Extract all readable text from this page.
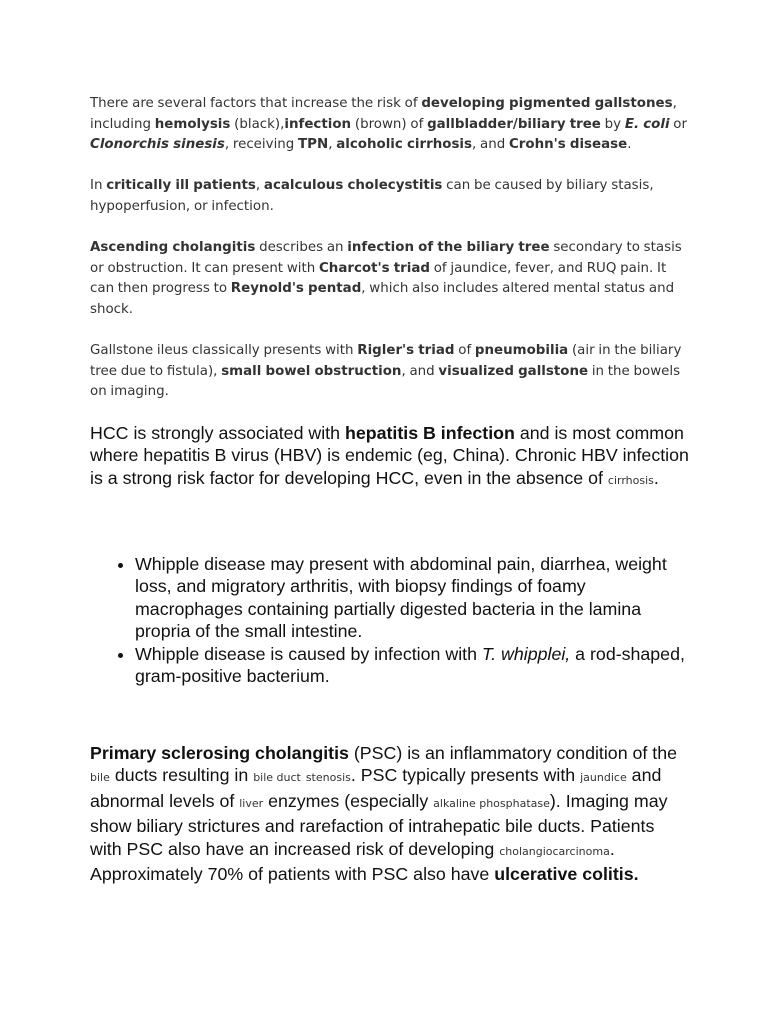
There are several factors that increase the risk of developing pigmented gallstones, including hemolysis (black),infection (brown) of gallbladder/biliary tree by E. coli or Clonorchis sinesis, receiving TPN, alcoholic cirrhosis, and Crohn's disease.

In critically ill patients, acalculous cholecystitis can be caused by biliary stasis, hypoperfusion, or infection.

Ascending cholangitis describes an infection of the biliary tree secondary to stasis or obstruction. It can present with Charcot's triad of jaundice, fever, and RUQ pain. It can then progress to Reynold's pentad, which also includes altered mental status and shock.

Gallstone ileus classically presents with Rigler's triad of pneumobilia (air in the biliary tree due to fistula), small bowel obstruction, and visualized gallstone in the bowels on imaging.

HCC is strongly associated with hepatitis B infection and is most common where hepatitis B virus (HBV) is endemic (eg, China). Chronic HBV infection is a strong risk factor for developing HCC, even in the absence of cirrhosis.

• Whipple disease may present with abdominal pain, diarrhea, weight loss, and migratory arthritis, with biopsy findings of foamy macrophages containing partially digested bacteria in the lamina propria of the small intestine.
• Whipple disease is caused by infection with T. whipplei, a rod-shaped, gram-positive bacterium.

Primary sclerosing cholangitis (PSC) is an inflammatory condition of the bile ducts resulting in bile duct stenosis. PSC typically presents with jaundice and abnormal levels of liver enzymes (especially alkaline phosphatase). Imaging may show biliary strictures and rarefaction of intrahepatic bile ducts. Patients with PSC also have an increased risk of developing cholangiocarcinoma. Approximately 70% of patients with PSC also have ulcerative colitis.
